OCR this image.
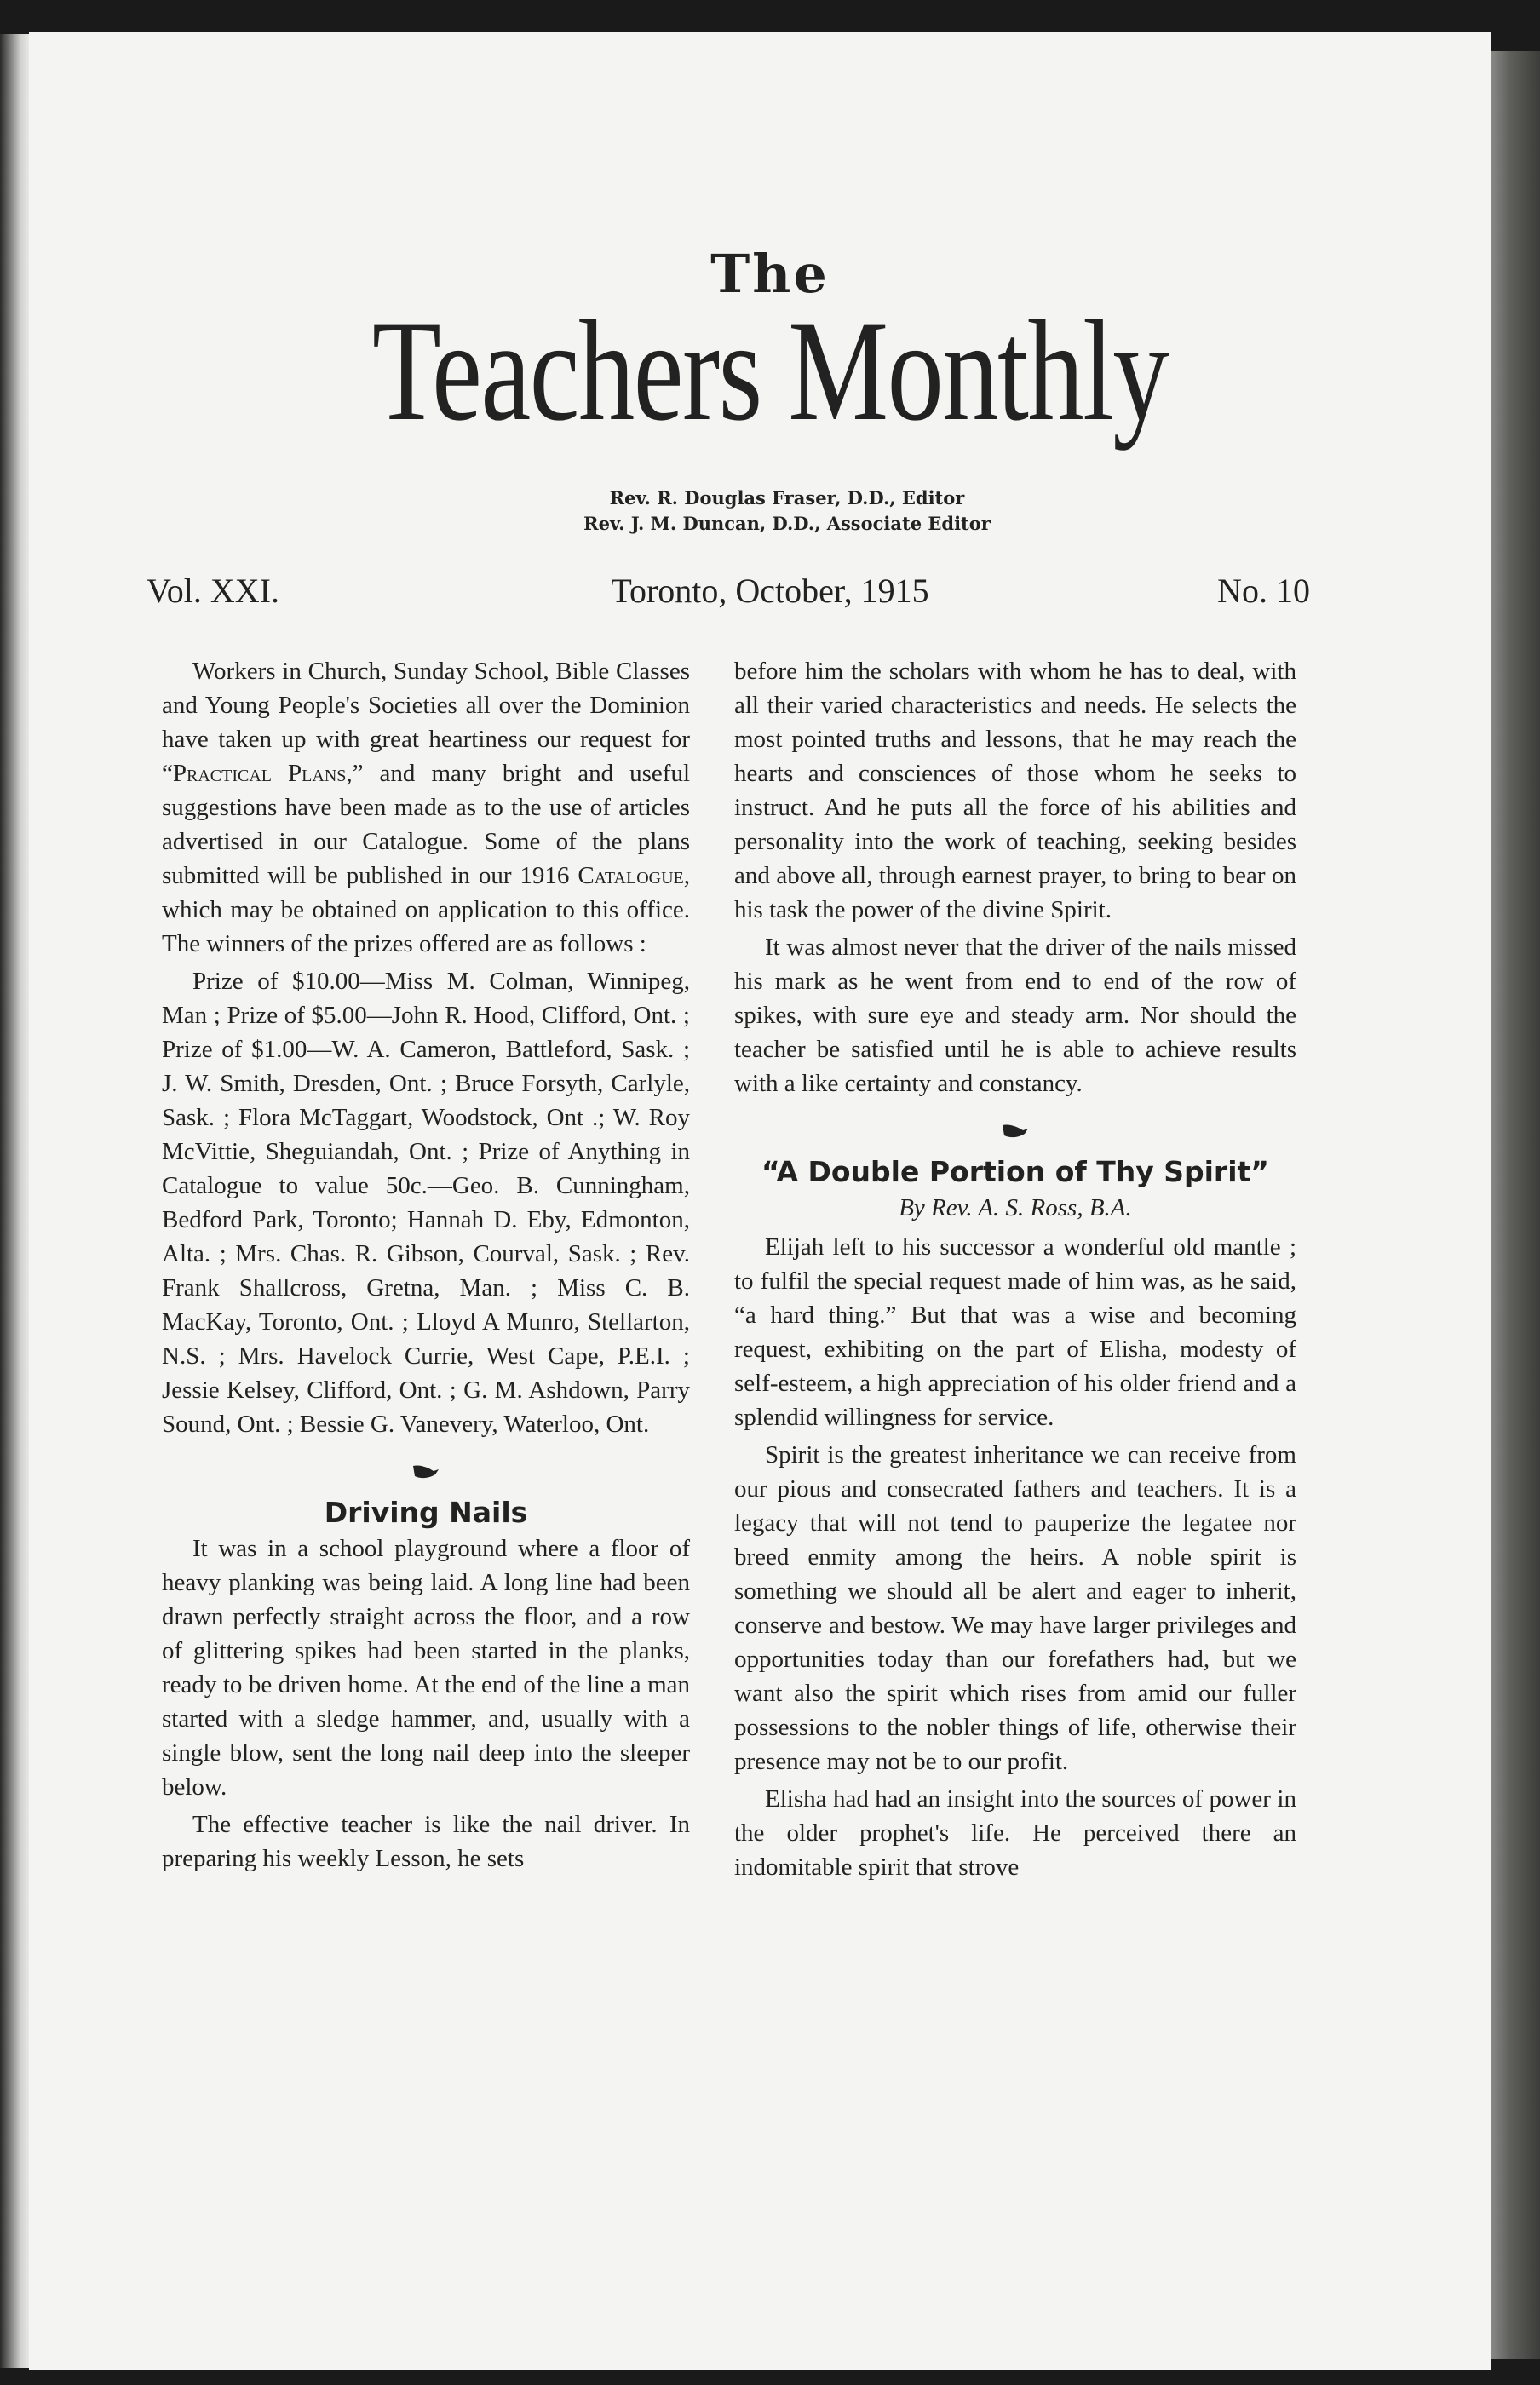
The
Teachers Monthly
Rev. R. Douglas Fraser, D.D., Editor
Rev. J. M. Duncan, D.D., Associate Editor
Vol. XXI.	Toronto, October, 1915	No. 10

Workers in Church, Sunday School, Bible Classes and Young People's Societies all over the Dominion have taken up with great heartiness our request for “Practical Plans,” and many bright and useful suggestions have been made as to the use of articles advertised in our Catalogue. Some of the plans submitted will be published in our 1916 Catalogue, which may be obtained on application to this office. The winners of the prizes offered are as follows :

Prize of $10.00—Miss M. Colman, Winnipeg, Man ; Prize of $5.00—John R. Hood, Clifford, Ont. ; Prize of $1.00—W. A. Cameron, Battleford, Sask. ; J. W. Smith, Dresden, Ont. ; Bruce Forsyth, Carlyle, Sask. ; Flora McTaggart, Woodstock, Ont .; W. Roy McVittie, Sheguiandah, Ont. ; Prize of Anything in Catalogue to value 50c.—Geo. B. Cunningham, Bedford Park, Toronto; Hannah D. Eby, Edmonton, Alta. ; Mrs. Chas. R. Gibson, Courval, Sask. ; Rev. Frank Shallcross, Gretna, Man. ; Miss C. B. MacKay, Toronto, Ont. ; Lloyd A Munro, Stellarton, N.S. ; Mrs. Havelock Currie, West Cape, P.E.I. ; Jessie Kelsey, Clifford, Ont. ; G. M. Ashdown, Parry Sound, Ont. ; Bessie G. Vanevery, Waterloo, Ont.

Driving Nails

It was in a school playground where a floor of heavy planking was being laid. A long line had been drawn perfectly straight across the floor, and a row of glittering spikes had been started in the planks, ready to be driven home. At the end of the line a man started with a sledge hammer, and, usually with a single blow, sent the long nail deep into the sleeper below.

The effective teacher is like the nail driver. In preparing his weekly Lesson, he sets

before him the scholars with whom he has to deal, with all their varied characteristics and needs. He selects the most pointed truths and lessons, that he may reach the hearts and consciences of those whom he seeks to instruct. And he puts all the force of his abilities and personality into the work of teaching, seeking besides and above all, through earnest prayer, to bring to bear on his task the power of the divine Spirit.

It was almost never that the driver of the nails missed his mark as he went from end to end of the row of spikes, with sure eye and steady arm. Nor should the teacher be satisfied until he is able to achieve results with a like certainty and constancy.

“A Double Portion of Thy Spirit”
By Rev. A. S. Ross, B.A.

Elijah left to his successor a wonderful old mantle ; to fulfil the special request made of him was, as he said, “a hard thing.” But that was a wise and becoming request, exhibiting on the part of Elisha, modesty of self-esteem, a high appreciation of his older friend and a splendid willingness for service.

Spirit is the greatest inheritance we can receive from our pious and consecrated fathers and teachers. It is a legacy that will not tend to pauperize the legatee nor breed enmity among the heirs. A noble spirit is something we should all be alert and eager to inherit, conserve and bestow. We may have larger privileges and opportunities today than our forefathers had, but we want also the spirit which rises from amid our fuller possessions to the nobler things of life, otherwise their presence may not be to our profit.

Elisha had had an insight into the sources of power in the older prophet's life. He perceived there an indomitable spirit that strove
